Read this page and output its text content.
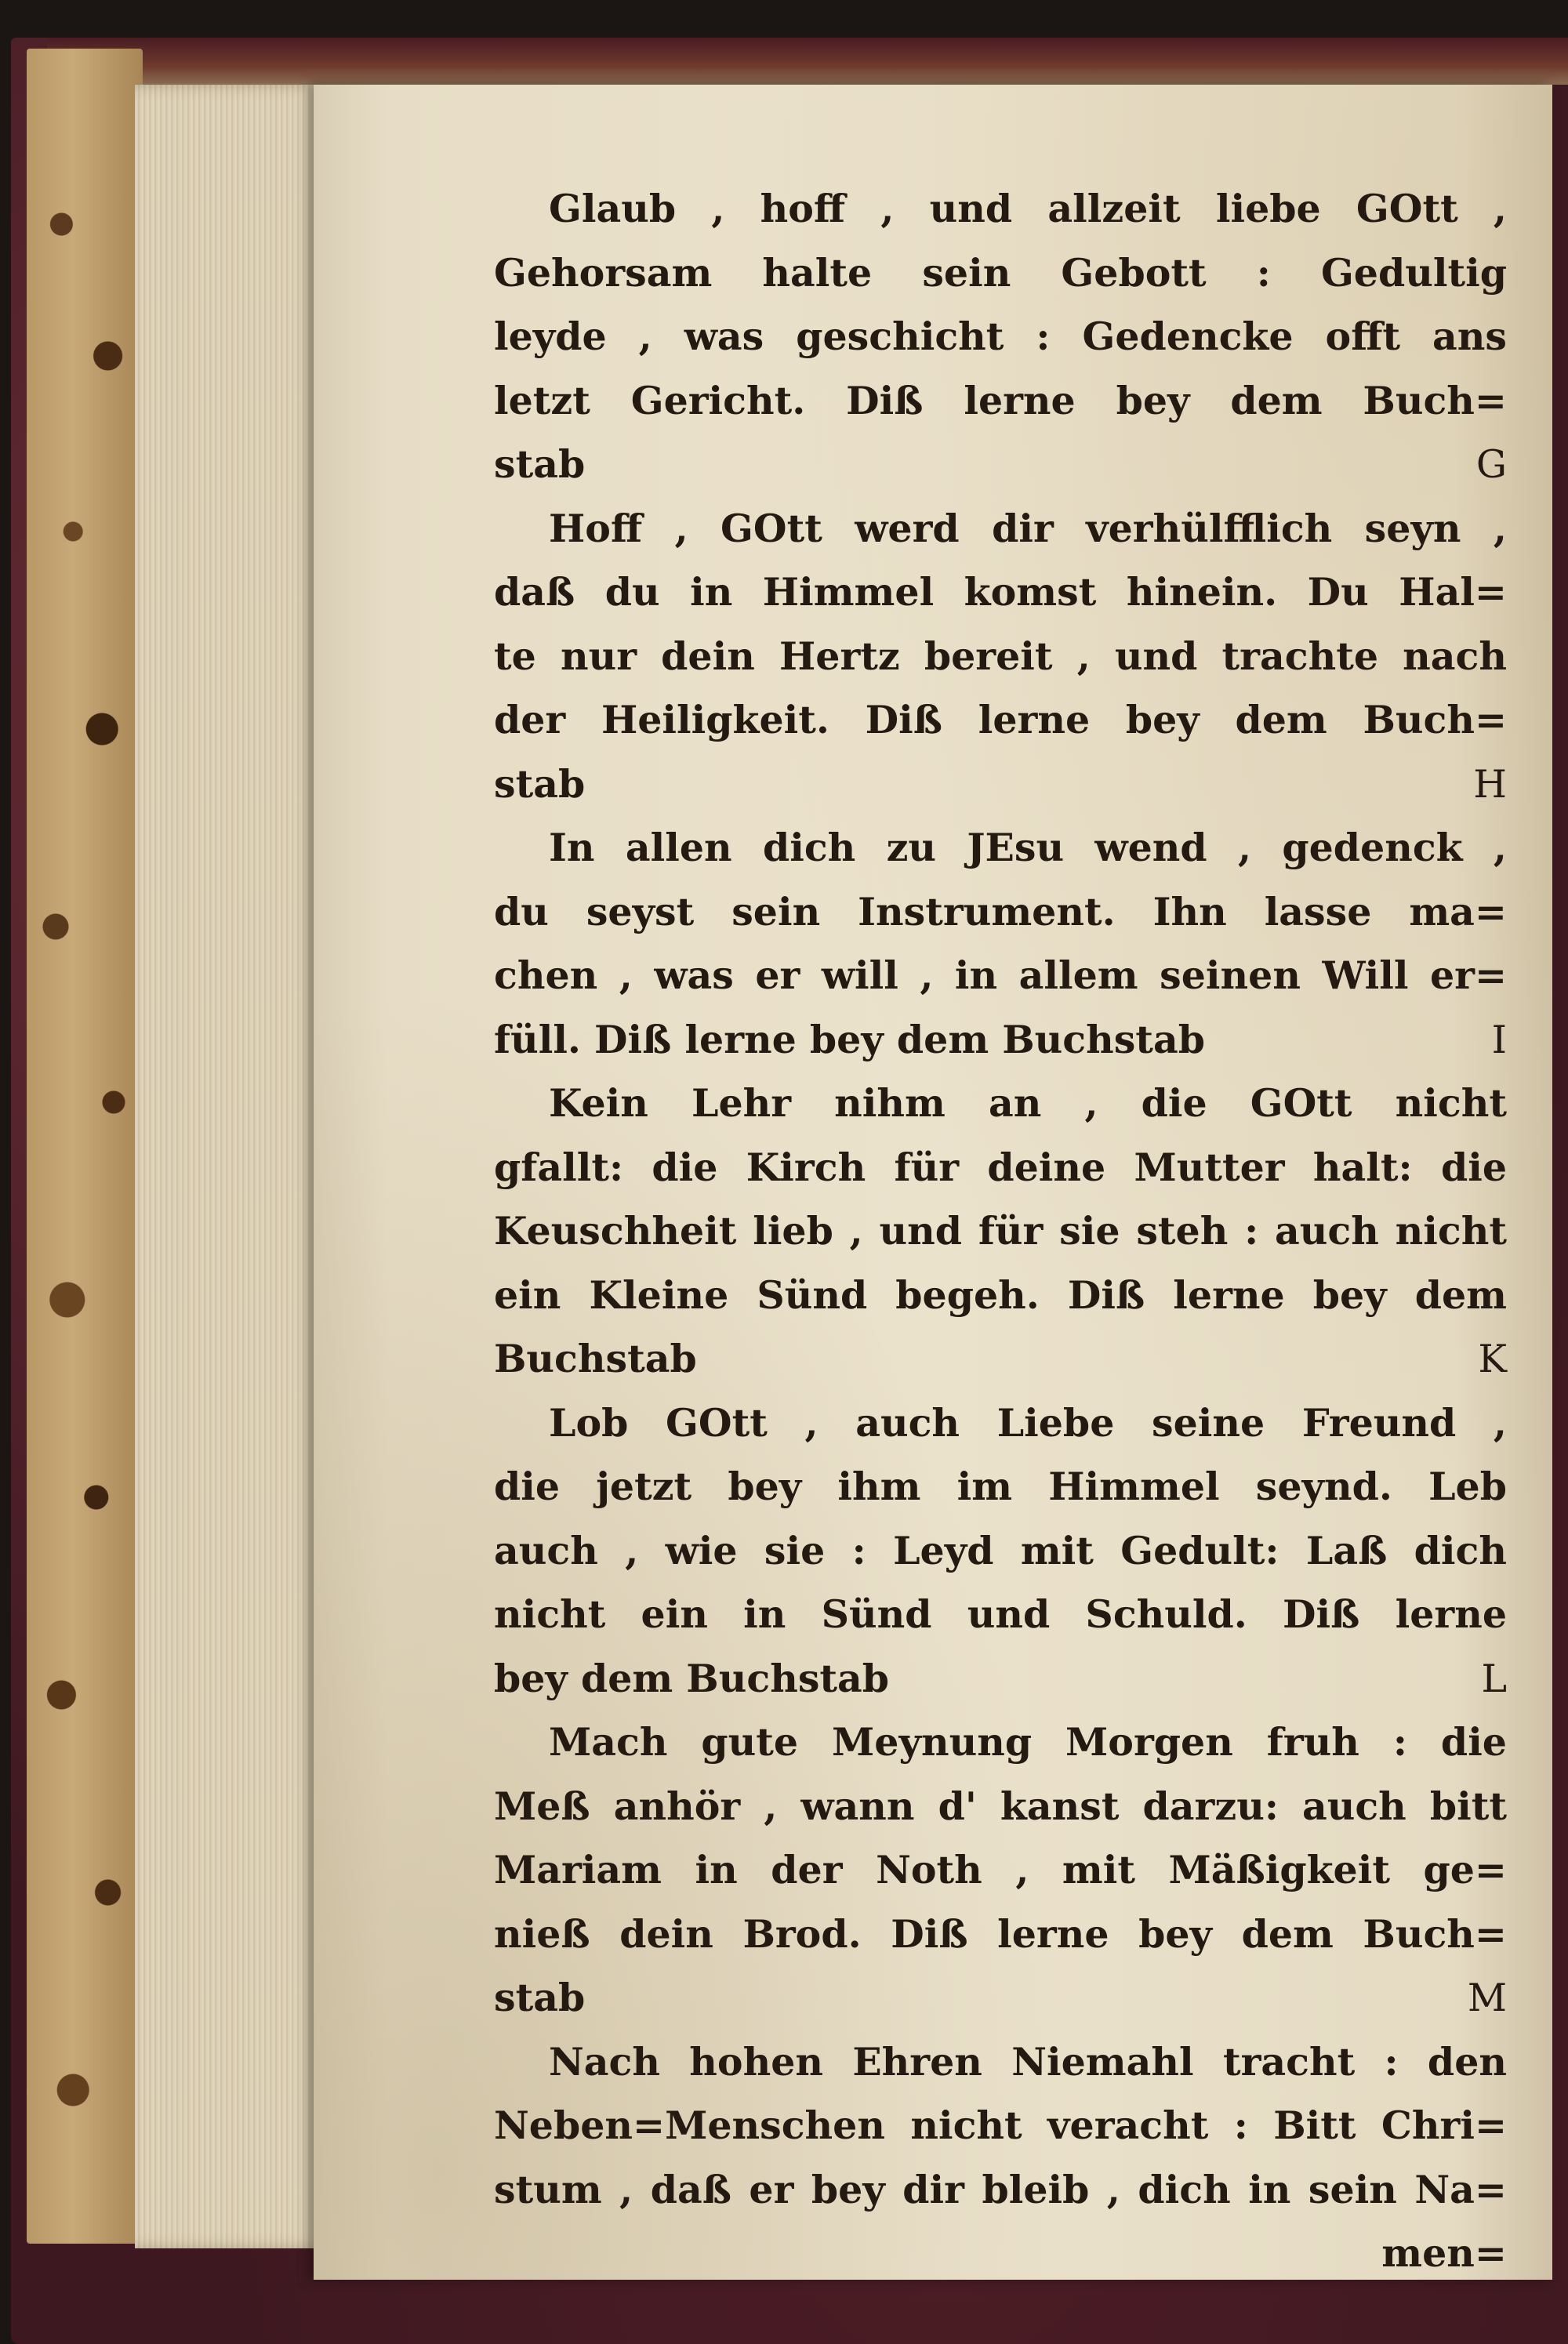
Glaub , hoff , und allzeit liebe GOtt ,
Gehorsam halte sein Gebott : Gedultig
leyde , was geschicht : Gedencke offt ans
letzt Gericht. Diß lerne bey dem Buch=
stab	G
Hoff , GOtt werd dir verhülfflich seyn ,
daß du in Himmel komst hinein. Du Hal=
te nur dein Hertz bereit , und trachte nach
der Heiligkeit. Diß lerne bey dem Buch=
stab	H
In allen dich zu JEsu wend , gedenck ,
du seyst sein Instrument. Ihn lasse ma=
chen , was er will , in allem seinen Will er=
füll. Diß lerne bey dem Buchstab	I
Kein Lehr nihm an , die GOtt nicht
gfallt: die Kirch für deine Mutter halt: die
Keuschheit lieb , und für sie steh : auch nicht
ein Kleine Sünd begeh. Diß lerne bey dem
Buchstab	K
Lob GOtt , auch Liebe seine Freund ,
die jetzt bey ihm im Himmel seynd. Leb
auch , wie sie : Leyd mit Gedult: Laß dich
nicht ein in Sünd und Schuld. Diß lerne
bey dem Buchstab	L
Mach gute Meynung Morgen fruh : die
Meß anhör , wann d' kanst darzu: auch bitt
Mariam in der Noth , mit Mäßigkeit ge=
nieß dein Brod. Diß lerne bey dem Buch=
stab	M
Nach hohen Ehren Niemahl tracht : den
Neben=Menschen nicht veracht : Bitt Chri=
stum , daß er bey dir bleib , dich in sein Na=
men=
